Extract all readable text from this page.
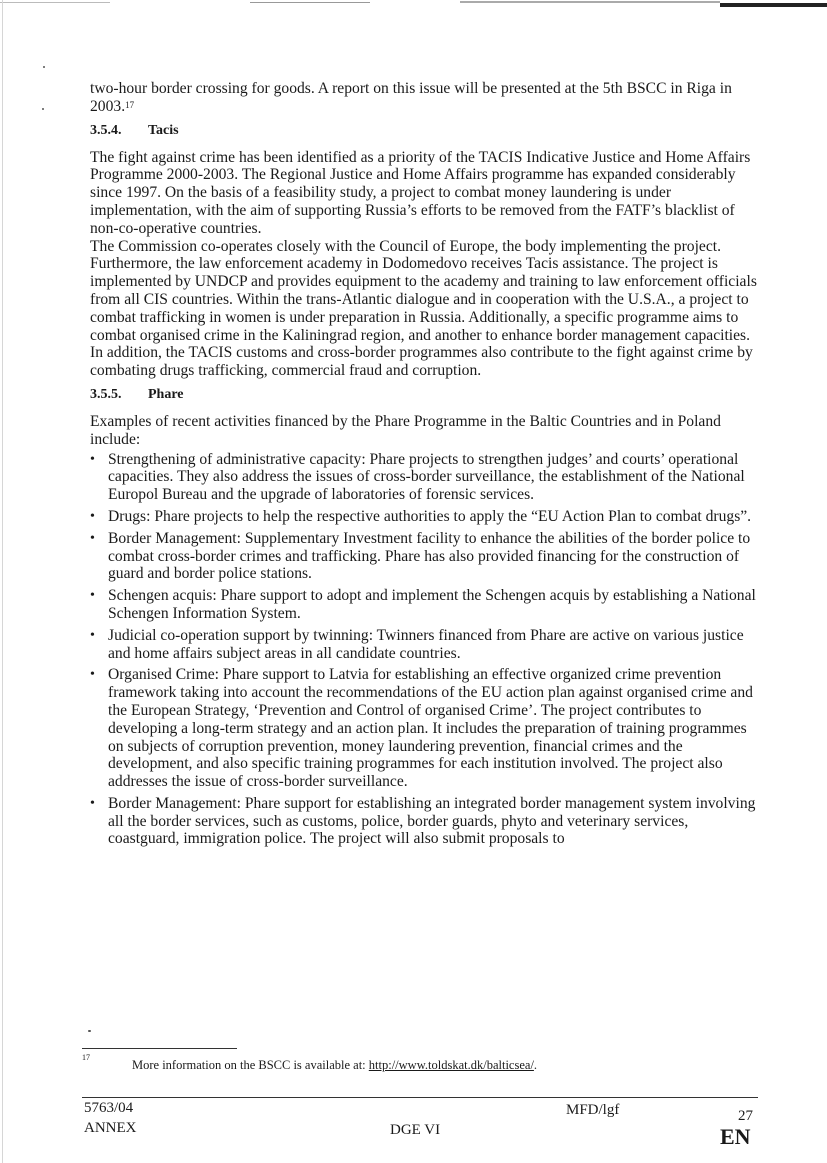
two-hour border crossing for goods. A report on this issue will be presented at the 5th BSCC in Riga in 2003.17

3.5.4. Tacis

The fight against crime has been identified as a priority of the TACIS Indicative Justice and Home Affairs Programme 2000-2003. The Regional Justice and Home Affairs programme has expanded considerably since 1997. On the basis of a feasibility study, a project to combat money laundering is under implementation, with the aim of supporting Russia’s efforts to be removed from the FATF’s blacklist of non-co-operative countries.

The Commission co-operates closely with the Council of Europe, the body implementing the project. Furthermore, the law enforcement academy in Dodomedovo receives Tacis assistance. The project is implemented by UNDCP and provides equipment to the academy and training to law enforcement officials from all CIS countries. Within the trans-Atlantic dialogue and in cooperation with the U.S.A., a project to combat trafficking in women is under preparation in Russia. Additionally, a specific programme aims to combat organised crime in the Kaliningrad region, and another to enhance border management capacities. In addition, the TACIS customs and cross-border programmes also contribute to the fight against crime by combating drugs trafficking, commercial fraud and corruption.

3.5.5. Phare

Examples of recent activities financed by the Phare Programme in the Baltic Countries and in Poland include:

• Strengthening of administrative capacity: Phare projects to strengthen judges’ and courts’ operational capacities. They also address the issues of cross-border surveillance, the establishment of the National Europol Bureau and the upgrade of laboratories of forensic services.
• Drugs: Phare projects to help the respective authorities to apply the “EU Action Plan to combat drugs”.
• Border Management: Supplementary Investment facility to enhance the abilities of the border police to combat cross-border crimes and trafficking. Phare has also provided financing for the construction of guard and border police stations.
• Schengen acquis: Phare support to adopt and implement the Schengen acquis by establishing a National Schengen Information System.
• Judicial co-operation support by twinning: Twinners financed from Phare are active on various justice and home affairs subject areas in all candidate countries.
• Organised Crime: Phare support to Latvia for establishing an effective organized crime prevention framework taking into account the recommendations of the EU action plan against organised crime and the European Strategy, ‘Prevention and Control of organised Crime’. The project contributes to developing a long-term strategy and an action plan. It includes the preparation of training programmes on subjects of corruption prevention, money laundering prevention, financial crimes and the development, and also specific training programmes for each institution involved. The project also addresses the issue of cross-border surveillance.
• Border Management: Phare support for establishing an integrated border management system involving all the border services, such as customs, police, border guards, phyto and veterinary services, coastguard, immigration police. The project will also submit proposals to
17
More information on the BSCC is available at: http://www.toldskat.dk/balticsea/.
5763/04
ANNEX	DGE VI
MFD/lgf	27
EN
